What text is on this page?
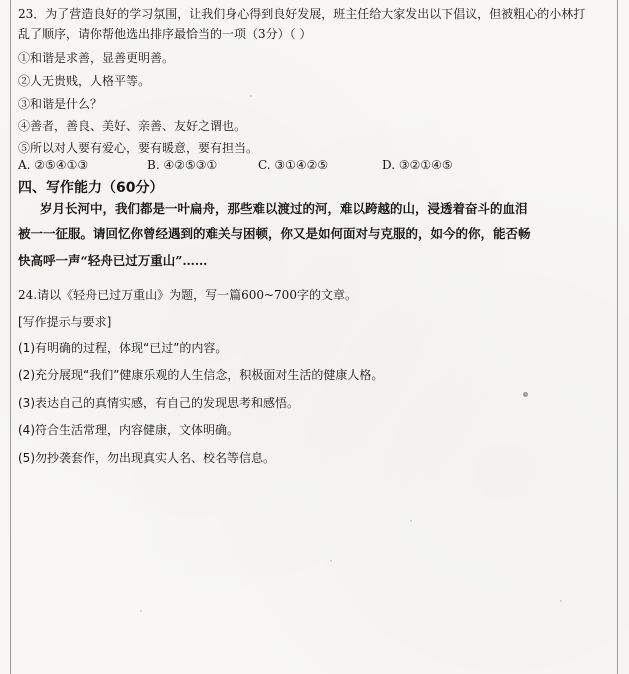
23．为了营造良好的学习氛围，让我们身心得到良好发展，班主任给大家发出以下倡议，但被粗心的小林打
乱了顺序，请你帮他选出排序最恰当的一项（3分）（ ）
①和谐是求善，显善更明善。
②人无贵贱，人格平等。
③和谐是什么？
④善者，善良、美好、亲善、友好之谓也。
⑤所以对人要有爱心，要有暖意，要有担当。
A. ②⑤④①③	B. ④②⑤③①	C. ③①④②⑤	D. ③②①④⑤
四、写作能力（60分）
岁月长河中，我们都是一叶扁舟，那些难以渡过的河，难以跨越的山，浸透着奋斗的血泪
被一一征服。请回忆你曾经遇到的难关与困顿，你又是如何面对与克服的，如今的你，能否畅
快高呼一声“轻舟已过万重山”……
24.请以《轻舟已过万重山》为题，写一篇600~700字的文章。
[写作提示与要求]
(1)有明确的过程，体现“已过”的内容。
(2)充分展现“我们”健康乐观的人生信念，积极面对生活的健康人格。
(3)表达自己的真情实感，有自己的发现思考和感悟。
(4)符合生活常理，内容健康，文体明确。
(5)勿抄袭套作，勿出现真实人名、校名等信息。
